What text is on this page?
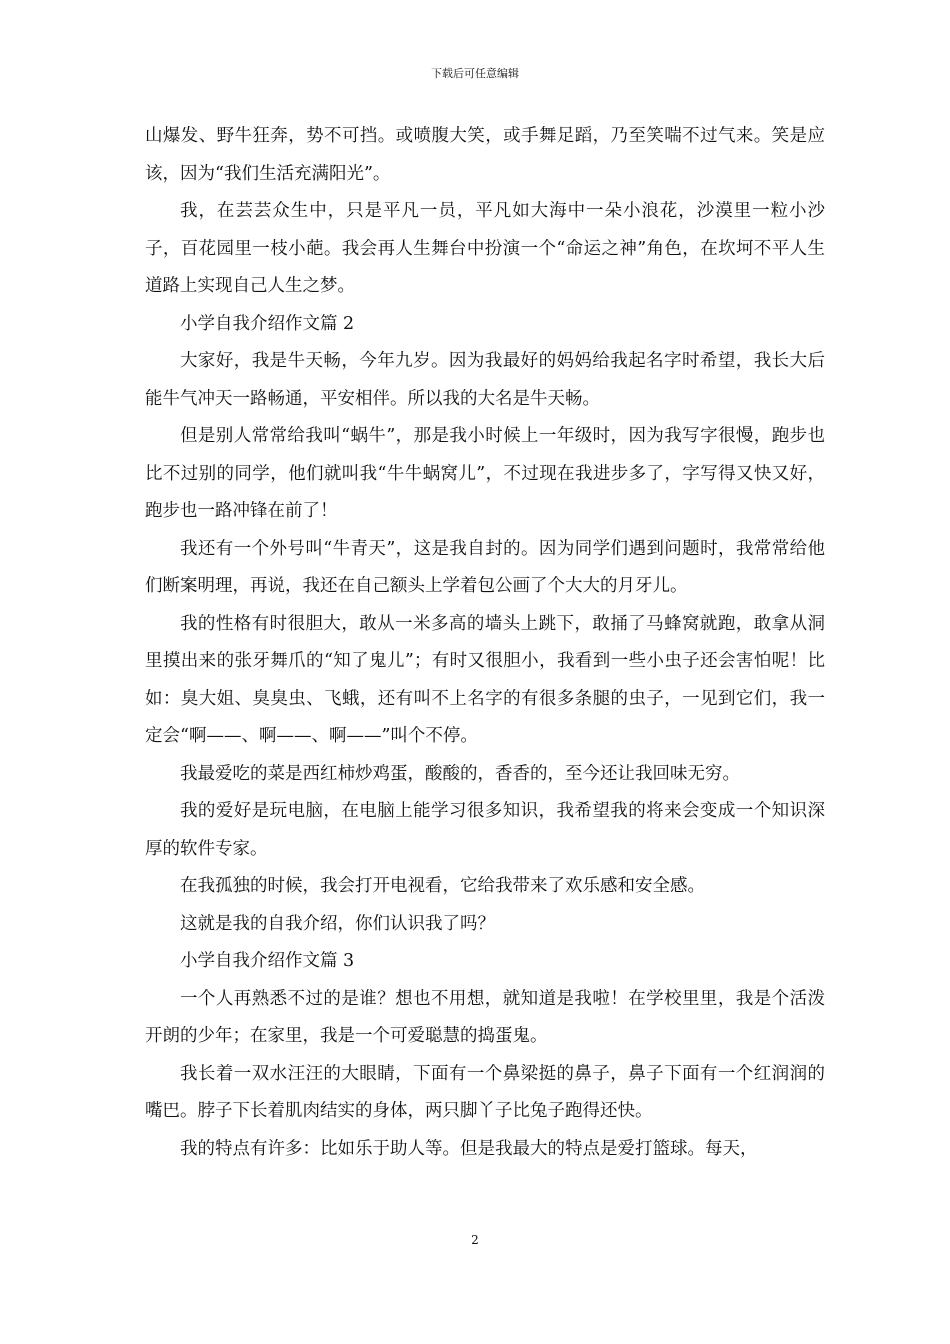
下载后可任意编辑

山爆发、野牛狂奔，势不可挡。或喷腹大笑，或手舞足蹈，乃至笑喘不过气来。笑是应该，因为“我们生活充满阳光”。

我，在芸芸众生中，只是平凡一员，平凡如大海中一朵小浪花，沙漠里一粒小沙子，百花园里一枝小葩。我会再人生舞台中扮演一个“命运之神”角色，在坎坷不平人生道路上实现自己人生之梦。

小学自我介绍作文篇 2

大家好，我是牛天畅，今年九岁。因为我最好的妈妈给我起名字时希望，我长大后能牛气冲天一路畅通，平安相伴。所以我的大名是牛天畅。

但是别人常常给我叫“蜗牛”，那是我小时候上一年级时，因为我写字很慢，跑步也比不过别的同学，他们就叫我“牛牛蜗窝儿”，不过现在我进步多了，字写得又快又好，跑步也一路冲锋在前了！

我还有一个外号叫“牛青天”，这是我自封的。因为同学们遇到问题时，我常常给他们断案明理，再说，我还在自己额头上学着包公画了个大大的月牙儿。

我的性格有时很胆大，敢从一米多高的墙头上跳下，敢捅了马蜂窝就跑，敢拿从洞里摸出来的张牙舞爪的“知了鬼儿”；有时又很胆小，我看到一些小虫子还会害怕呢！比如：臭大姐、臭臭虫、飞蛾，还有叫不上名字的有很多条腿的虫子，一见到它们，我一定会“啊——、啊——、啊——”叫个不停。

我最爱吃的菜是西红柿炒鸡蛋，酸酸的，香香的，至今还让我回味无穷。

我的爱好是玩电脑，在电脑上能学习很多知识，我希望我的将来会变成一个知识深厚的软件专家。

在我孤独的时候，我会打开电视看，它给我带来了欢乐感和安全感。

这就是我的自我介绍，你们认识我了吗？

小学自我介绍作文篇 3

一个人再熟悉不过的是谁？想也不用想，就知道是我啦！在学校里里，我是个活泼开朗的少年；在家里，我是一个可爱聪慧的捣蛋鬼。

我长着一双水汪汪的大眼睛，下面有一个鼻梁挺的鼻子，鼻子下面有一个红润润的嘴巴。脖子下长着肌肉结实的身体，两只脚丫子比兔子跑得还快。

我的特点有许多：比如乐于助人等。但是我最大的特点是爱打篮球。每天，

2
